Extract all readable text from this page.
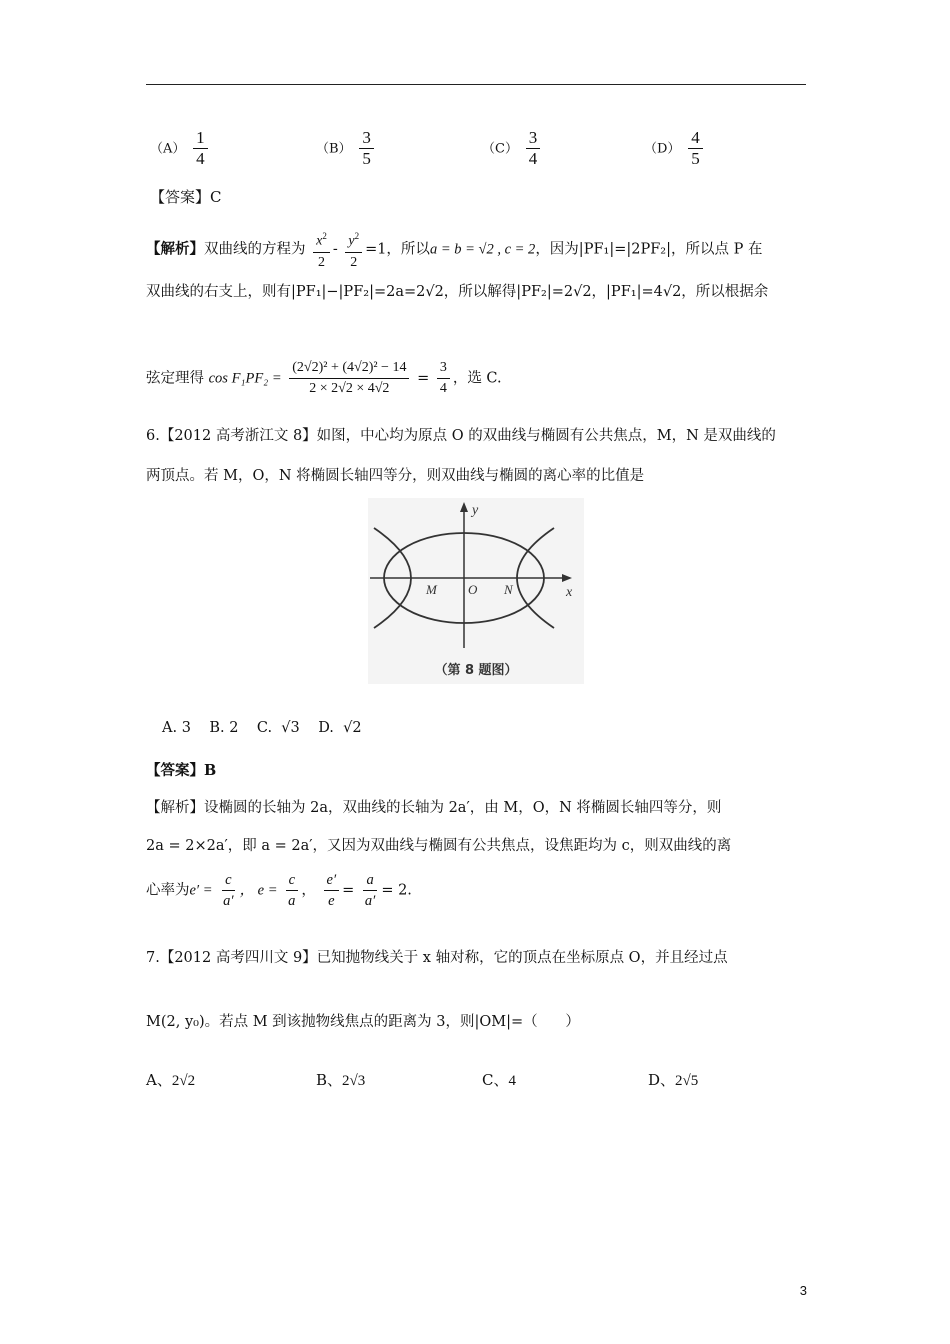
$(A) \frac{1}{4}$	$(B) \frac{3}{5}$	$(C) \frac{3}{4}$	$(D) \frac{4}{5}$
【答案】C
【解析】双曲线的方程为 $\frac{x^2}{2} - \frac{y^2}{2} =1$，所以a = b = √2 , c = 2，因为|PF₁|=|2PF₂|，所以点 P 在
双曲线的右支上，则有|PF₁|−|PF₂|=2a=2√2，所以解得|PF₂|=2√2，|PF₁|=4√2，所以根据余
弦定理得 $\cos F_1PF_2 = \frac{\text{(2√2)² + (4√2)² − 14}}{2 \times 2√2 \times 4√2} = \frac{3}{4}$ ，选 C.
6.【2012 高考浙江文 8】如图，中心均为原点 O 的双曲线与椭圆有公共焦点，M，N 是双曲线的
两顶点。若 M，O，N 将椭圆长轴四等分，则双曲线与椭圆的离心率的比值是
y
x
M O N
（第 8 题图）
A. 3    B. 2    C.  √3    D.  √2
【答案】B
【解析】设椭圆的长轴为 2a，双曲线的长轴为 2a′，由 M，O，N 将椭圆长轴四等分，则
2a = 2×2a′，即 a = 2a′，又因为双曲线与椭圆有公共焦点，设焦距均为 c，则双曲线的离
心率为$e' = \frac{c}{a'}$ ， $e = \frac{c}{a}$ ， $\frac{e'}{e} = \frac{a}{a'} = 2$.
7.【2012 高考四川文 9】已知抛物线关于 x 轴对称，它的顶点在坐标原点 O，并且经过点
M(2, y₀)。若点 M 到该抛物线焦点的距离为 3，则|OM|=（      ）
A、2√2	B、2√3	C、4	D、2√5
3
